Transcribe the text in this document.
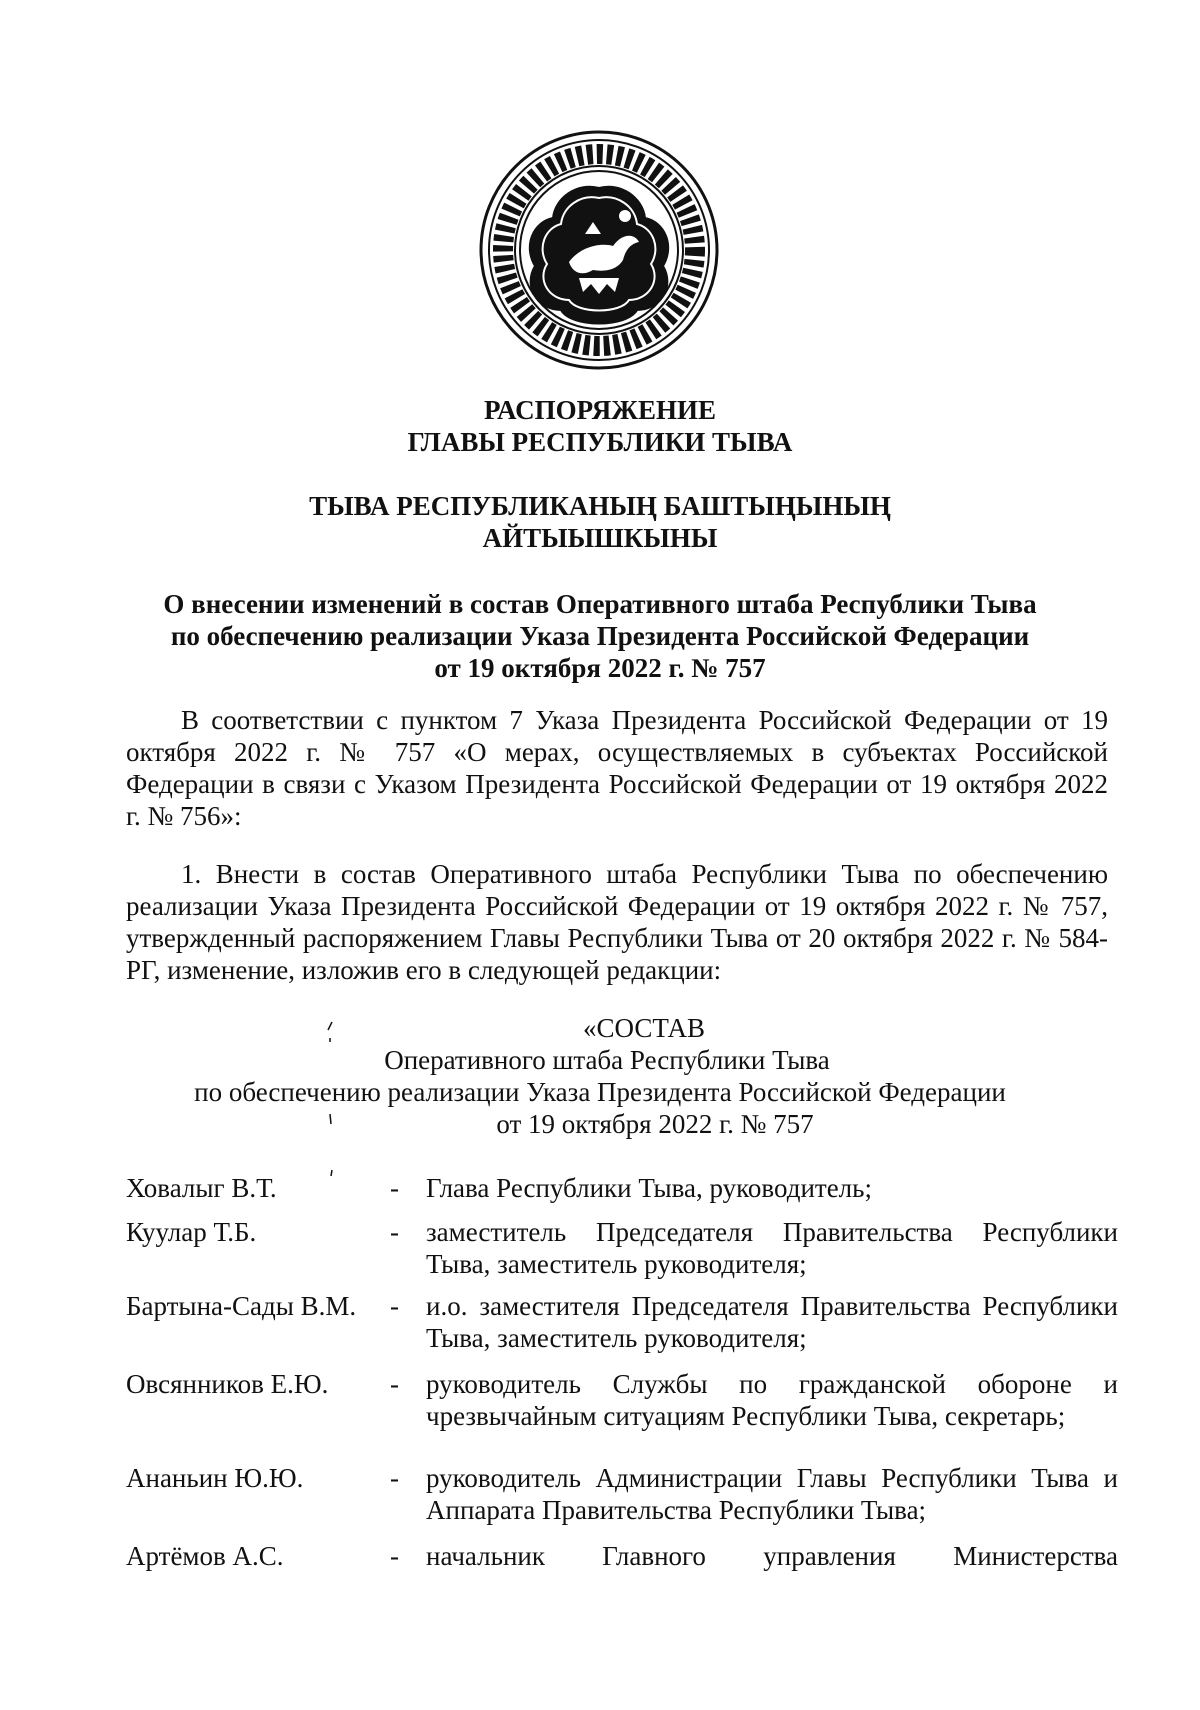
РАСПОРЯЖЕНИЕ
ГЛАВЫ РЕСПУБЛИКИ ТЫВА
ТЫВА РЕСПУБЛИКАНЫҢ БАШТЫҢЫНЫҢ
АЙТЫЫШКЫНЫ
О внесении изменений в состав Оперативного штаба Республики Тыва
по обеспечению реализации Указа Президента Российской Федерации
от 19 октября 2022 г. № 757
В соответствии с пунктом 7 Указа Президента Российской Федерации от 19 октября 2022 г. № 757 «О мерах, осуществляемых в субъектах Российской Федерации в связи с Указом Президента Российской Федерации от 19 октября 2022 г. № 756»:
1. Внести в состав Оперативного штаба Республики Тыва по обеспечению реализации Указа Президента Российской Федерации от 19 октября 2022 г. № 757, утвержденный распоряжением Главы Республики Тыва от 20 октября 2022 г. № 584-РГ, изменение, изложив его в следующей редакции:
«СОСТАВ
Оперативного штаба Республики Тыва
по обеспечению реализации Указа Президента Российской Федерации
от 19 октября 2022 г. № 757
Ховалыг В.Т.	-	Глава Республики Тыва, руководитель;
Куулар Т.Б.	-	заместитель Председателя Правительства Республики Тыва, заместитель руководителя;
Бартына-Сады В.М.	-	и.о. заместителя Председателя Правительства Республики Тыва, заместитель руководителя;
Овсянников Е.Ю.	-	руководитель Службы по гражданской обороне и чрезвычайным ситуациям Республики Тыва, секретарь;
Ананьин Ю.Ю.	-	руководитель Администрации Главы Республики Тыва и Аппарата Правительства Республики Тыва;
Артёмов А.С.	-	начальник Главного управления Министерства
